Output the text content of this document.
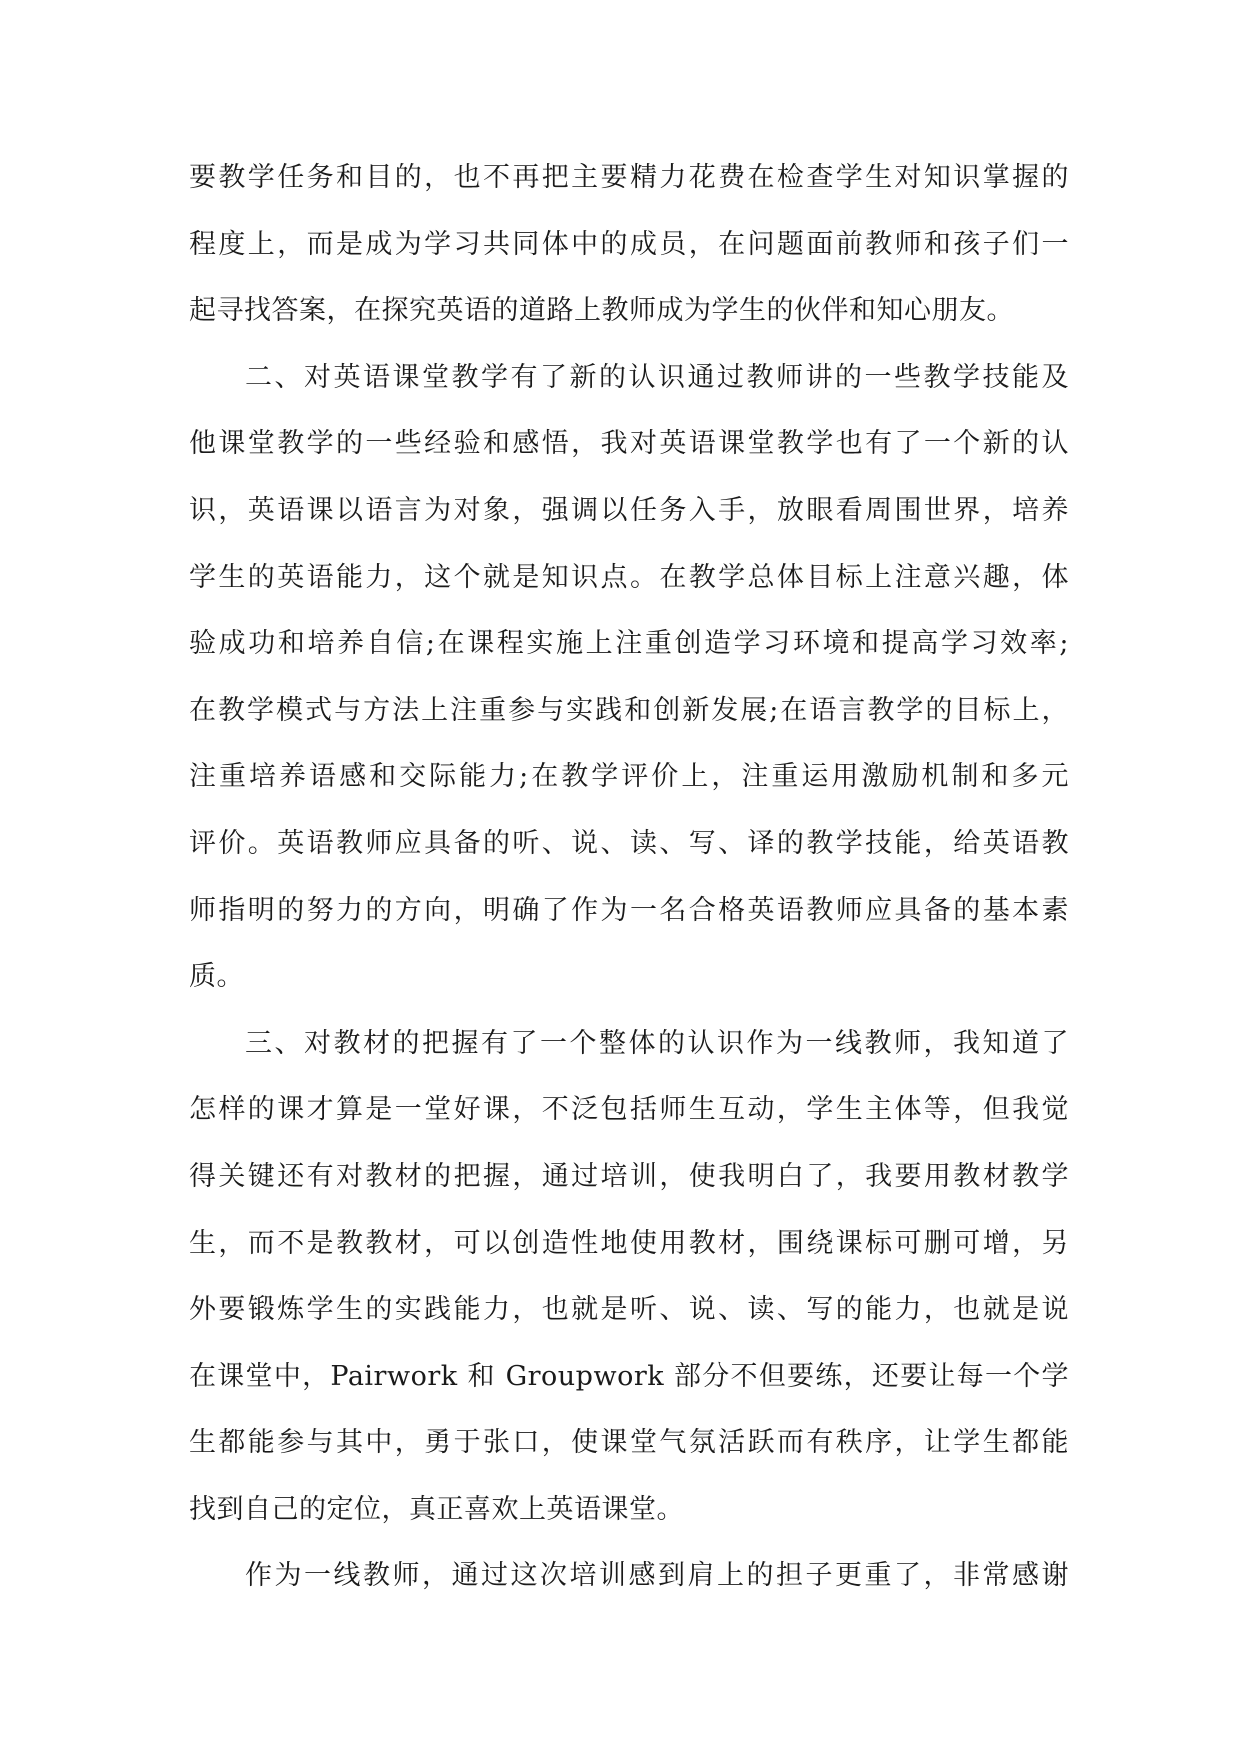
要教学任务和目的，也不再把主要精力花费在检查学生对知识掌握的
程度上，而是成为学习共同体中的成员，在问题面前教师和孩子们一
起寻找答案，在探究英语的道路上教师成为学生的伙伴和知心朋友。
二、对英语课堂教学有了新的认识通过教师讲的一些教学技能及
他课堂教学的一些经验和感悟，我对英语课堂教学也有了一个新的认
识，英语课以语言为对象，强调以任务入手，放眼看周围世界，培养
学生的英语能力，这个就是知识点。在教学总体目标上注意兴趣，体
验成功和培养自信;在课程实施上注重创造学习环境和提高学习效率;
在教学模式与方法上注重参与实践和创新发展;在语言教学的目标上，
注重培养语感和交际能力;在教学评价上，注重运用激励机制和多元
评价。英语教师应具备的听、说、读、写、译的教学技能，给英语教
师指明的努力的方向，明确了作为一名合格英语教师应具备的基本素
质。
三、对教材的把握有了一个整体的认识作为一线教师，我知道了
怎样的课才算是一堂好课，不泛包括师生互动，学生主体等，但我觉
得关键还有对教材的把握，通过培训，使我明白了，我要用教材教学
生，而不是教教材，可以创造性地使用教材，围绕课标可删可增，另
外要锻炼学生的实践能力，也就是听、说、读、写的能力，也就是说
在课堂中，Pairwork 和 Groupwork 部分不但要练，还要让每一个学
生都能参与其中，勇于张口，使课堂气氛活跃而有秩序，让学生都能
找到自己的定位，真正喜欢上英语课堂。
作为一线教师，通过这次培训感到肩上的担子更重了，非常感谢
